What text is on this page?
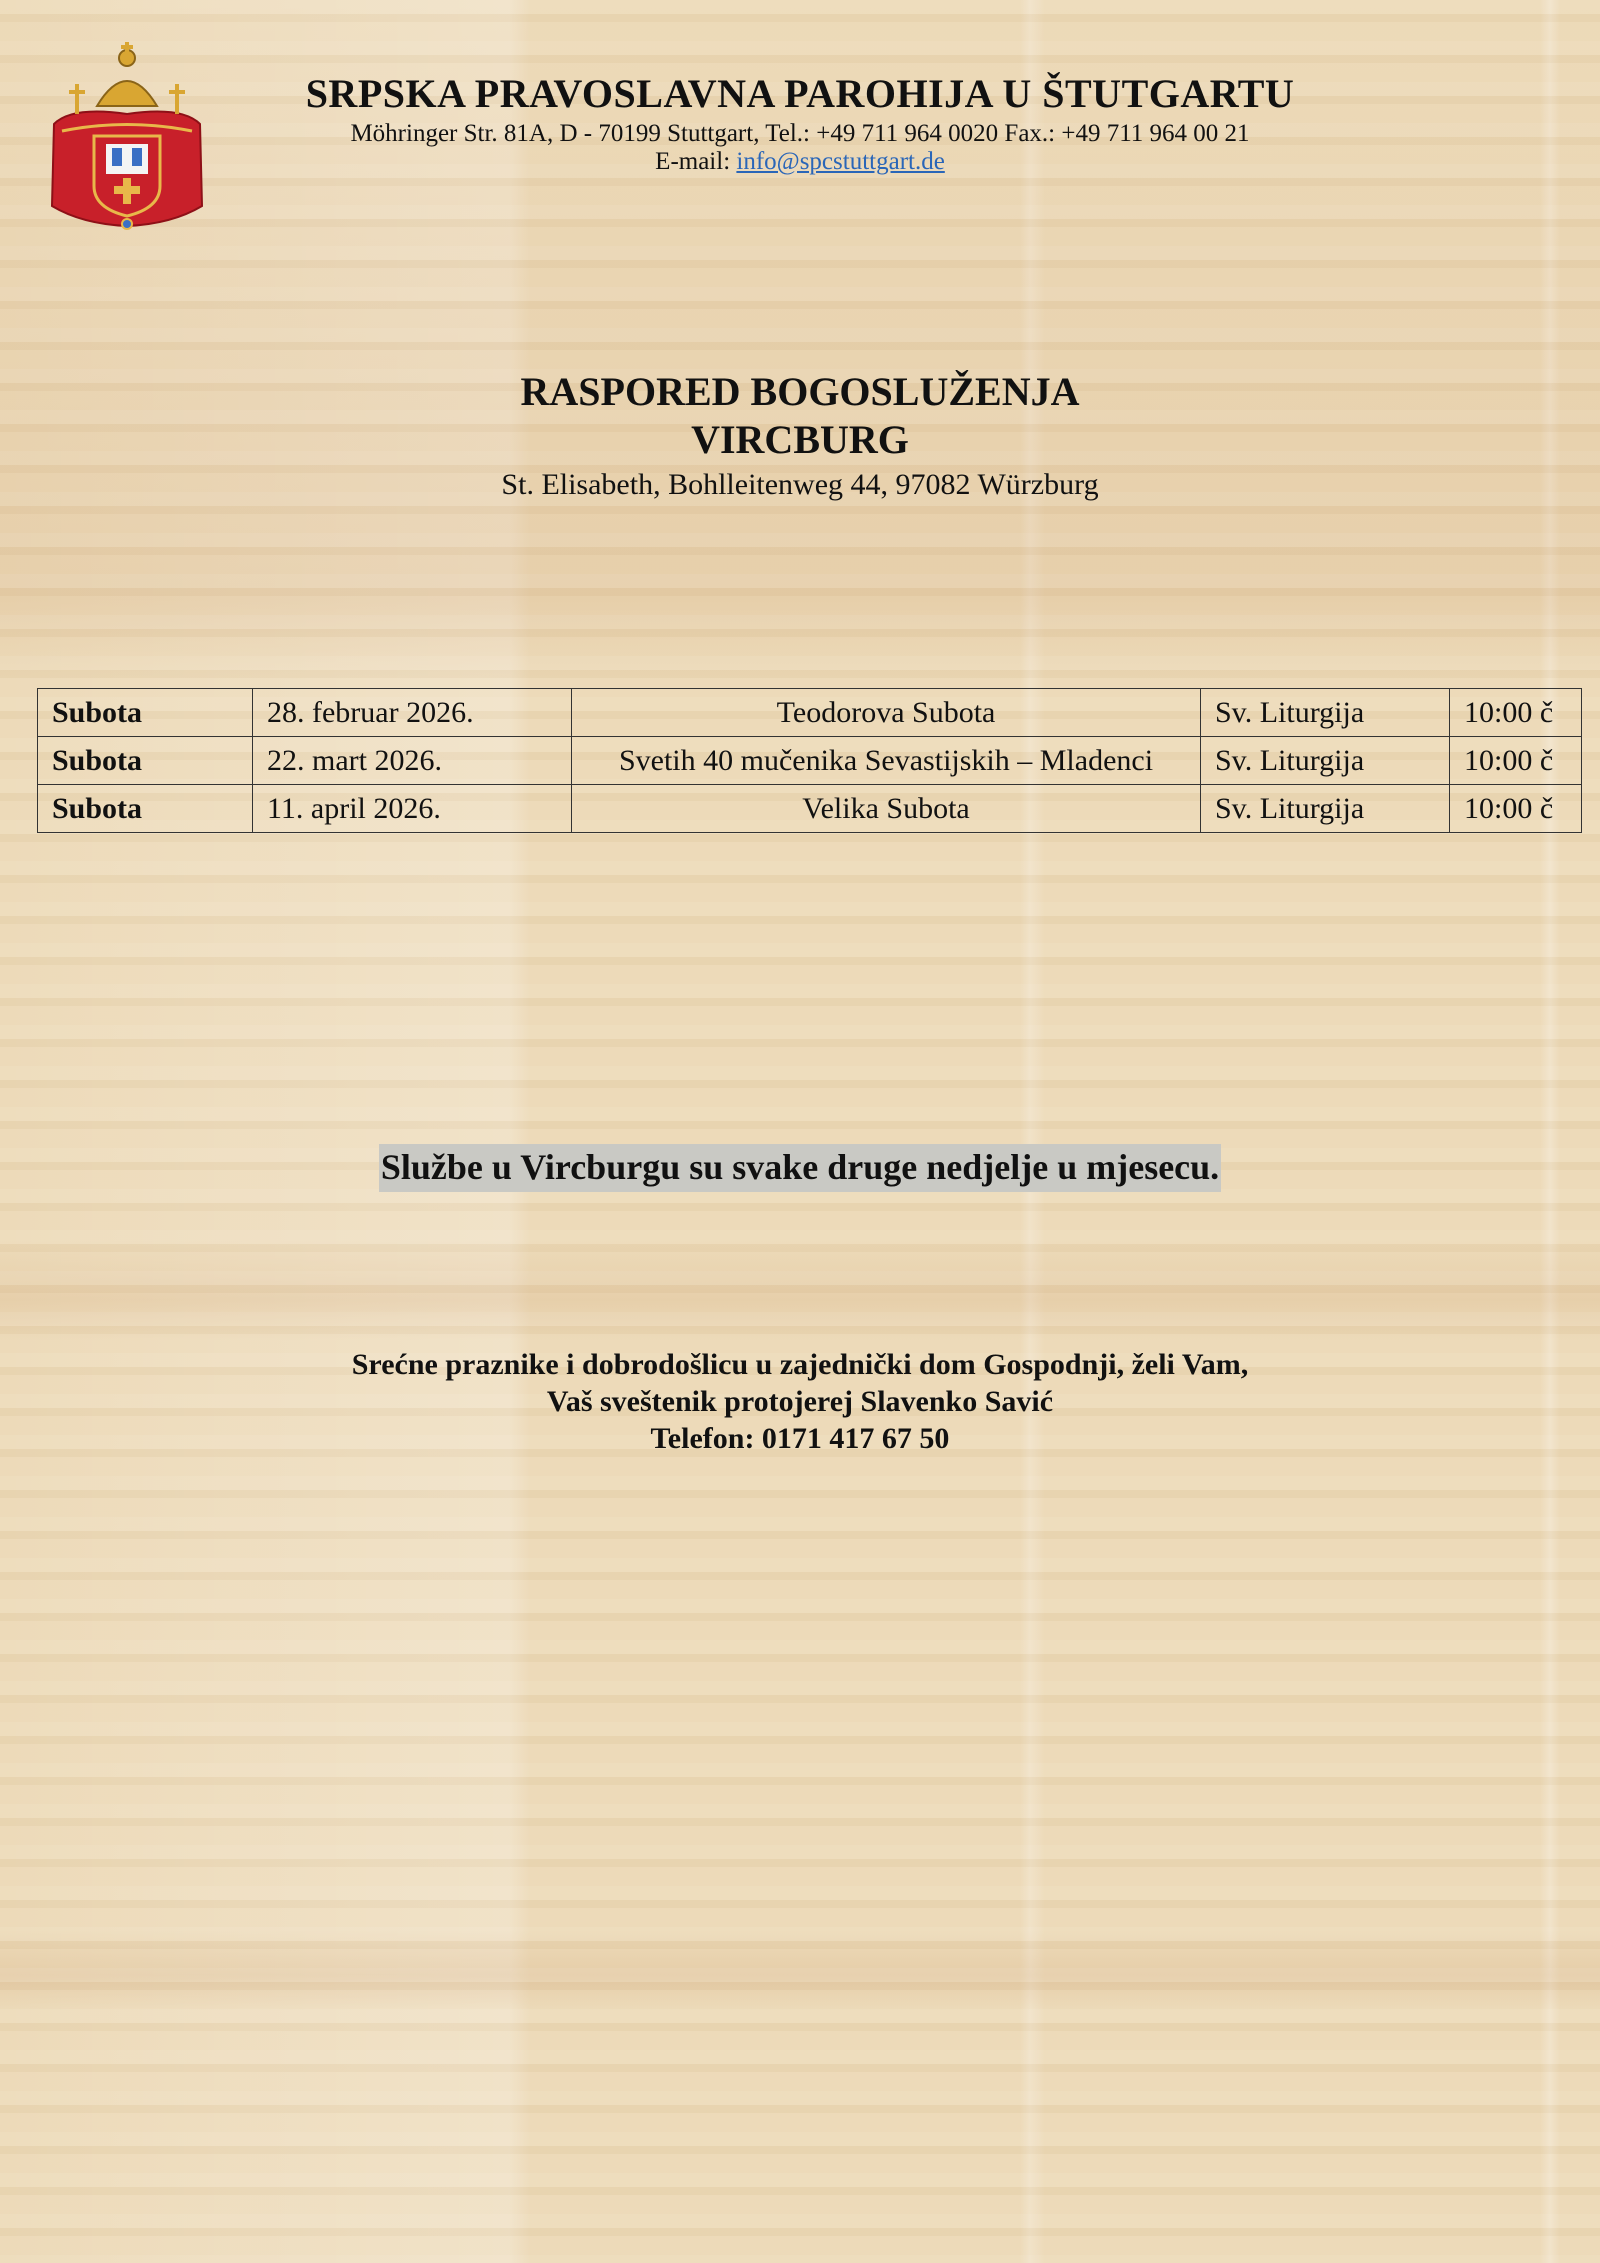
SRPSKA PRAVOSLAVNA PAROHIJA U ŠTUTGARTU
Möhringer Str. 81A, D - 70199 Stuttgart, Tel.: +49 711 964 0020 Fax.: +49 711 964 00 21
E-mail: info@spcstuttgart.de
RASPORED BOGOSLUŽENJA
VIRCBURG
St. Elisabeth, Bohlleitenweg 44, 97082 Würzburg
Subota	28. februar 2026.	Teodorova Subota	Sv. Liturgija	10:00 č
Subota	22. mart 2026.	Svetih 40 mučenika Sevastijskih – Mladenci	Sv. Liturgija	10:00 č
Subota	11. april 2026.	Velika Subota	Sv. Liturgija	10:00 č
Službe u Vircburgu su svake druge nedjelje u mjesecu.
Srećne praznike i dobrodošlicu u zajednički dom Gospodnji, želi Vam,
Vaš sveštenik protojerej Slavenko Savić
Telefon: 0171 417 67 50
